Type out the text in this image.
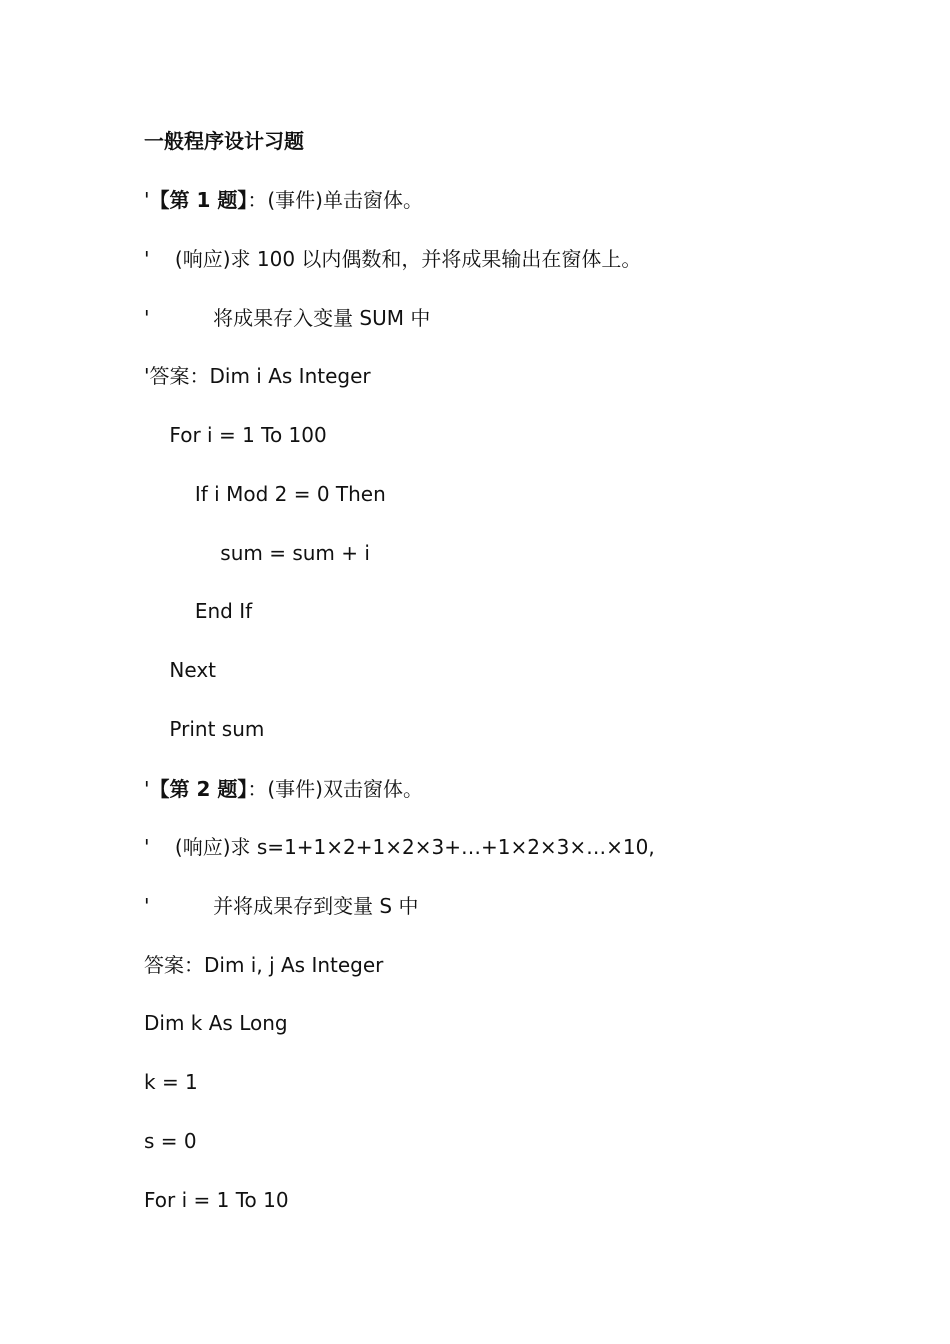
一般程序设计习题
'【第 1 题】：(事件)单击窗体。
'    (响应)求 100 以内偶数和，并将成果输出在窗体上。
'          将成果存入变量 SUM 中
'答案：Dim i As Integer
For i = 1 To 100
If i Mod 2 = 0 Then
sum = sum + i
End If
Next
Print sum
'【第 2 题】：(事件)双击窗体。
'    (响应)求 s=1+1×2+1×2×3+…+1×2×3×…×10,
'          并将成果存到变量 S 中
答案：Dim i, j As Integer
Dim k As Long
k = 1
s = 0
For i = 1 To 10
